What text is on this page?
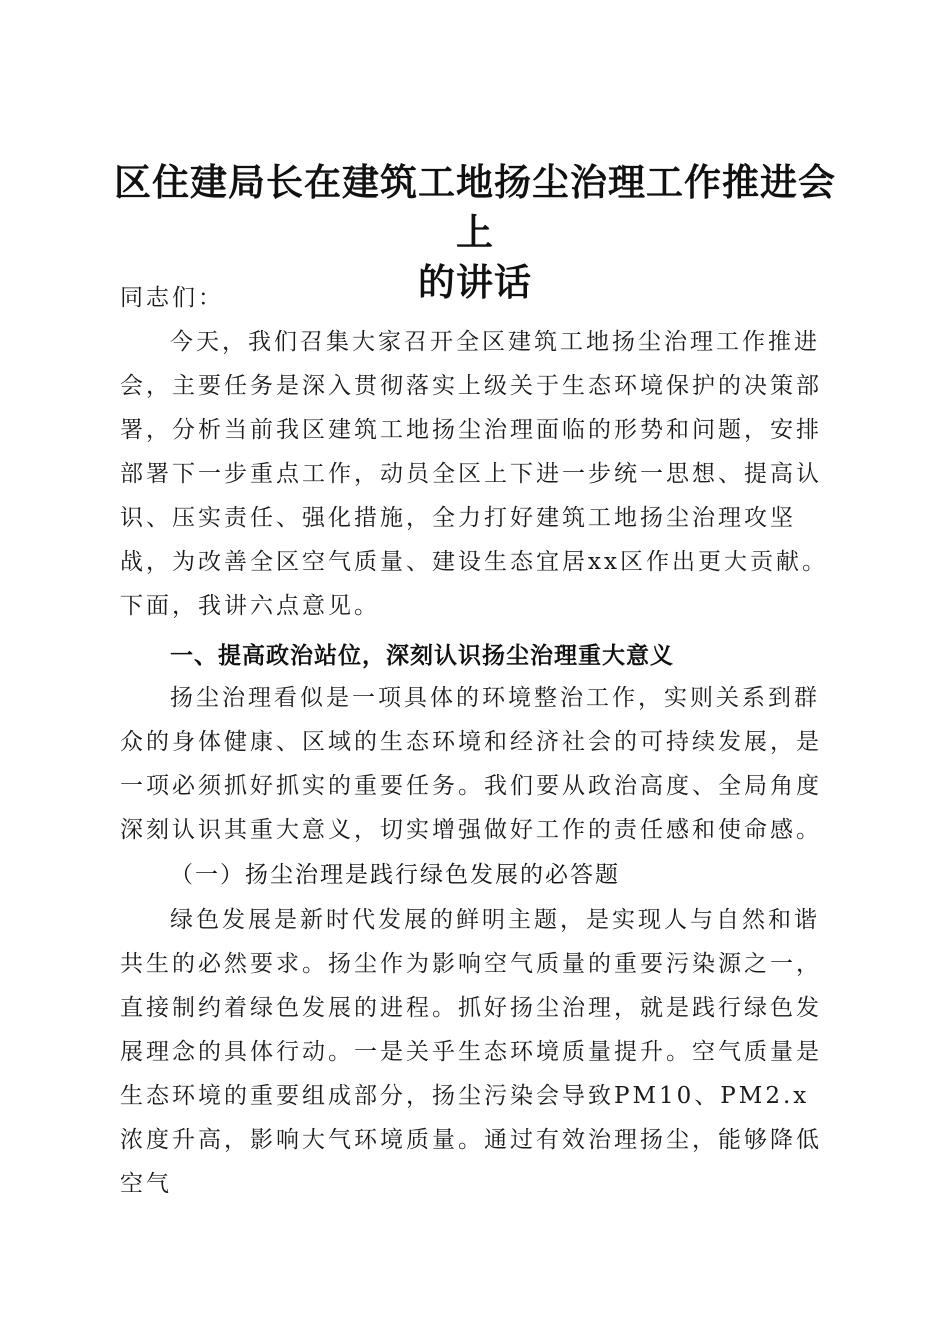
区住建局长在建筑工地扬尘治理工作推进会上
的讲话
同志们：
今天，我们召集大家召开全区建筑工地扬尘治理工作推进会，主要任务是深入贯彻落实上级关于生态环境保护的决策部署，分析当前我区建筑工地扬尘治理面临的形势和问题，安排部署下一步重点工作，动员全区上下进一步统一思想、提高认识、压实责任、强化措施，全力打好建筑工地扬尘治理攻坚战，为改善全区空气质量、建设生态宜居xx区作出更大贡献。下面，我讲六点意见。
一、提高政治站位，深刻认识扬尘治理重大意义
扬尘治理看似是一项具体的环境整治工作，实则关系到群众的身体健康、区域的生态环境和经济社会的可持续发展，是一项必须抓好抓实的重要任务。我们要从政治高度、全局角度深刻认识其重大意义，切实增强做好工作的责任感和使命感。
（一）扬尘治理是践行绿色发展的必答题
绿色发展是新时代发展的鲜明主题，是实现人与自然和谐共生的必然要求。扬尘作为影响空气质量的重要污染源之一，直接制约着绿色发展的进程。抓好扬尘治理，就是践行绿色发展理念的具体行动。一是关乎生态环境质量提升。空气质量是生态环境的重要组成部分，扬尘污染会导致PM10、PM2.x浓度升高，影响大气环境质量。通过有效治理扬尘，能够降低空气
